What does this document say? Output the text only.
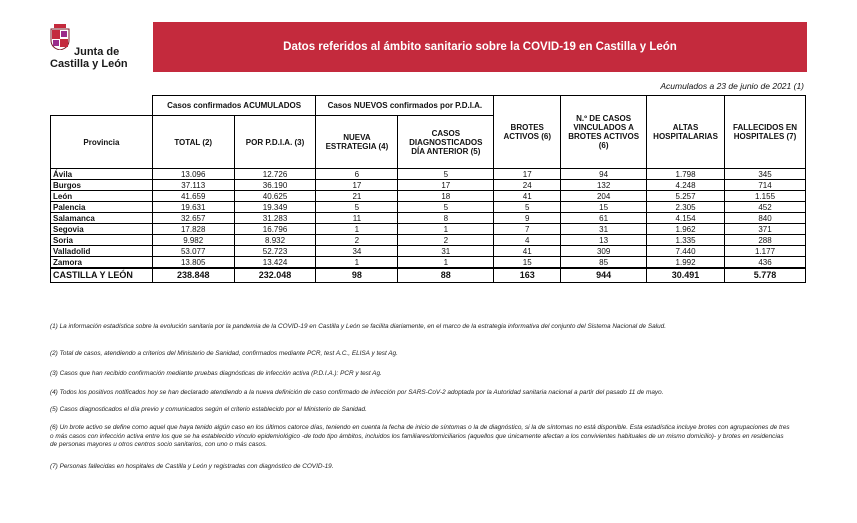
Junta de
Castilla y León
Datos referidos al ámbito sanitario sobre la COVID-19 en Castilla y León
Acumulados a 23 de junio de 2021 (1)
	Casos confirmados ACUMULADOS		Casos NUEVOS confirmados por P.D.I.A.		BROTES ACTIVOS (6)	N.º DE CASOS VINCULADOS A BROTES ACTIVOS (6)	ALTAS HOSPITALARIAS	FALLECIDOS EN HOSPITALES (7)
Provincia	TOTAL (2)	POR P.D.I.A. (3)	NUEVA ESTRATEGIA (4)	CASOS DIAGNOSTICADOS DÍA ANTERIOR (5)				
Ávila	13.096	12.726	6	5	17	94	1.798	345
Burgos	37.113	36.190	17	17	24	132	4.248	714
León	41.659	40.625	21	18	41	204	5.257	1.155
Palencia	19.631	19.349	5	5	5	15	2.305	452
Salamanca	32.657	31.283	11	8	9	61	4.154	840
Segovia	17.828	16.796	1	1	7	31	1.962	371
Soria	9.982	8.932	2	2	4	13	1.335	288
Valladolid	53.077	52.723	34	31	41	309	7.440	1.177
Zamora	13.805	13.424	1	1	15	85	1.992	436
CASTILLA Y LEÓN	238.848	232.048	98	88	163	944	30.491	5.778
(1) La información estadística sobre la evolución sanitaria por la pandemia de la COVID-19 en Castilla y León se facilita diariamente, en el marco de la estrategia informativa del conjunto del Sistema Nacional de Salud.
(2) Total de casos, atendiendo a criterios del Ministerio de Sanidad, confirmados mediante PCR, test A.C., ELISA y test Ag.
(3) Casos que han recibido confirmación mediante pruebas diagnósticas de infección activa (P.D.I.A.): PCR y test Ag.
(4) Todos los positivos notificados hoy se han declarado atendiendo a la nueva definición de caso confirmado de infección por SARS-CoV-2 adoptada por la Autoridad sanitaria nacional a partir del pasado 11 de mayo.
(5) Casos diagnosticados el día previo y comunicados según el criterio establecido por el Ministerio de Sanidad.
(6) Un brote activo se define como aquel que haya tenido algún caso en los últimos catorce días, teniendo en cuenta la fecha de inicio de síntomas o la de diagnóstico, si la de síntomas no está disponible. Esta estadística incluye brotes con agrupaciones de tres o más casos con infección activa entre los que se ha establecido vínculo epidemiológico -de todo tipo ámbitos, incluidos los familiares/domiciliarios (aquellos que únicamente afectan a los convivientes habituales de un mismo domicilio)- y brotes en residencias de personas mayores u otros centros socio sanitarios, con uno o más casos.
(7) Personas fallecidas en hospitales de Castilla y León y registradas con diagnóstico de COVID-19.
